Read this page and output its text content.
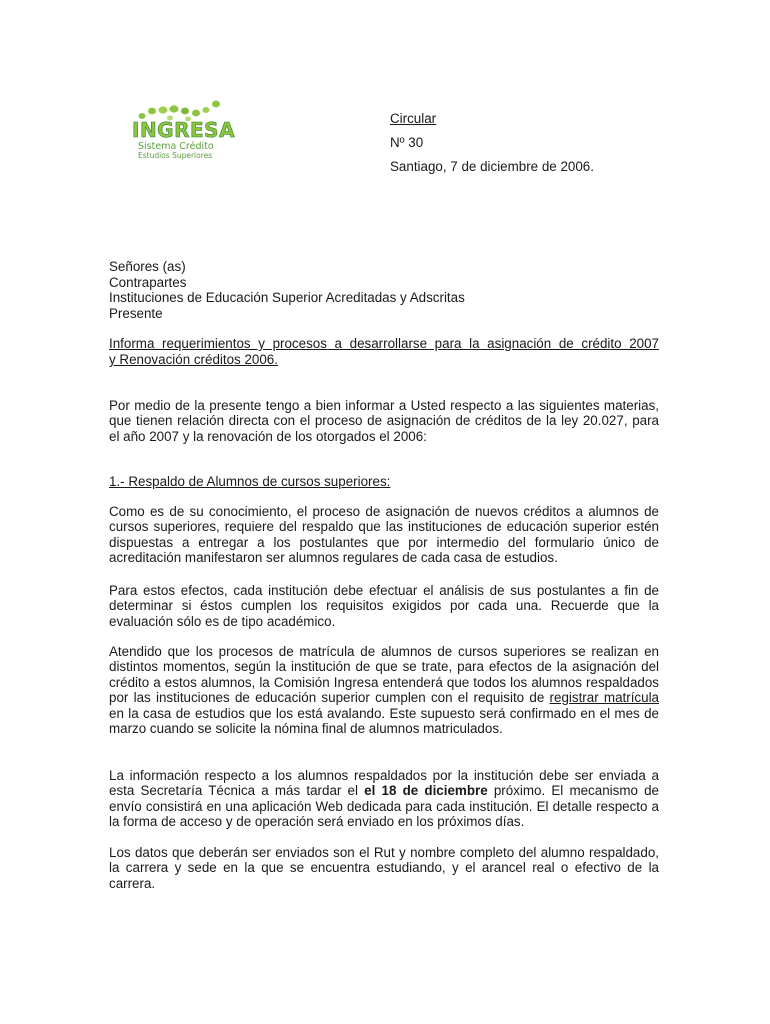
INGRESA
Sistema Crédito
Estudios Superiores
Circular
Nº 30
Santiago, 7 de diciembre de 2006.
Señores (as)
Contrapartes
Instituciones de Educación Superior Acreditadas y Adscritas
Presente
Informa requerimientos y procesos a desarrollarse para la asignación de crédito 2007
y Renovación créditos 2006.

Por medio de la presente tengo a bien informar a Usted respecto a las siguientes materias, que tienen relación directa con el proceso de asignación de créditos de la ley 20.027, para el año 2007 y la renovación de los otorgados el 2006:

1.- Respaldo de Alumnos de cursos superiores:

Como es de su conocimiento, el proceso de asignación de nuevos créditos a alumnos de cursos superiores, requiere del respaldo que las instituciones de educación superior estén dispuestas a entregar a los postulantes que por intermedio del formulario único de acreditación manifestaron ser alumnos regulares de cada casa de estudios.

Para estos efectos, cada institución debe efectuar el análisis de sus postulantes a fin de determinar si éstos cumplen los requisitos exigidos por cada una. Recuerde que la evaluación sólo es de tipo académico.

Atendido que los procesos de matrícula de alumnos de cursos superiores se realizan en distintos momentos, según la institución de que se trate, para efectos de la asignación del crédito a estos alumnos, la Comisión Ingresa entenderá que todos los alumnos respaldados por las instituciones de educación superior cumplen con el requisito de registrar matrícula en la casa de estudios que los está avalando. Este supuesto será confirmado en el mes de marzo cuando se solicite la nómina final de alumnos matriculados.

La información respecto a los alumnos respaldados por la institución debe ser enviada a esta Secretaría Técnica a más tardar el el 18 de diciembre próximo. El mecanismo de envío consistirá en una aplicación Web dedicada para cada institución. El detalle respecto a la forma de acceso y de operación será enviado en los próximos días.

Los datos que deberán ser enviados son el Rut y nombre completo del alumno respaldado, la carrera y sede en la que se encuentra estudiando, y el arancel real o efectivo de la carrera.
